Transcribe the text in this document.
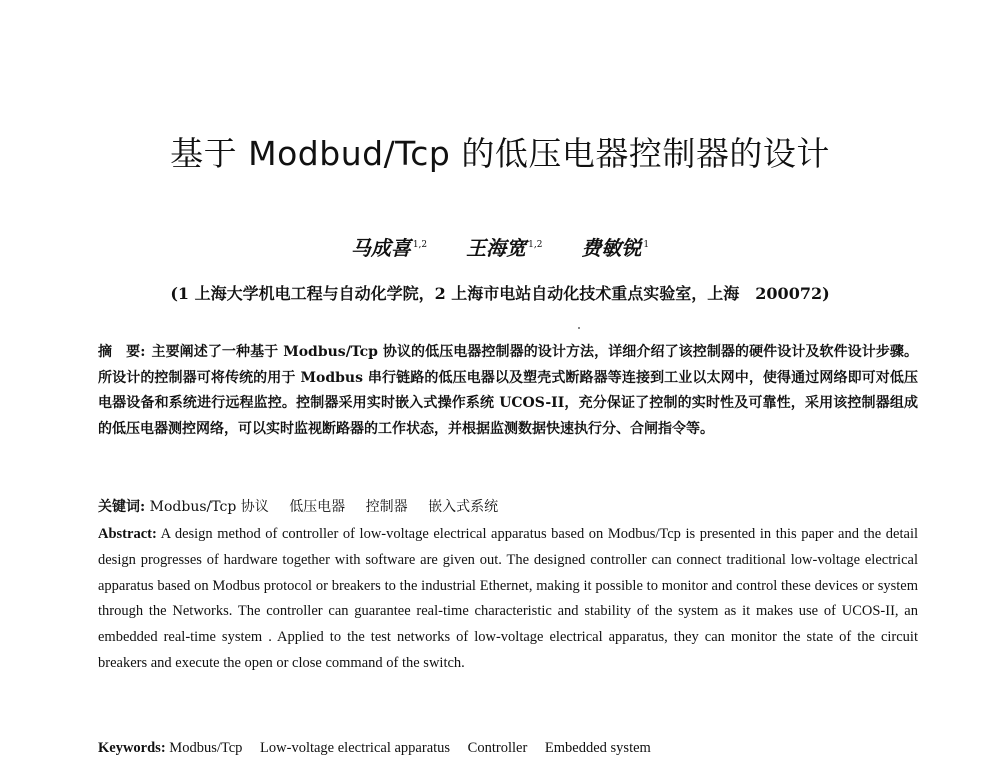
基于 Modbud/Tcp 的低压电器控制器的设计
马成喜 $^{1,2}$ 王海宽 $^{1,2}$ 费敏锐 $^1$
(1 上海大学机电工程与自动化学院，2 上海市电站自动化技术重点实验室，上海　200072)
摘　要: 主要阐述了一种基于 Modbus/Tcp 协议的低压电器控制器的设计方法，详细介绍了该控制器的硬件设计及软件设计步骤。所设计的控制器可将传统的用于 Modbus 串行链路的低压电器以及塑壳式断路器等连接到工业以太网中，使得通过网络即可对低压电器设备和系统进行远程监控。控制器采用实时嵌入式操作系统 UCOS-II，充分保证了控制的实时性及可靠性，采用该控制器组成的低压电器测控网络，可以实时监视断路器的工作状态，并根据监测数据快速执行分、合闸指令等。
关键词: Modbus/Tcp 协议 低压电器 控制器 嵌入式系统
Abstract: A design method of controller of low-voltage electrical apparatus based on Modbus/Tcp is presented in this paper and the detail design progresses of hardware together with software are given out. The designed controller can connect traditional low-voltage electrical apparatus based on Modbus protocol or breakers to the industrial Ethernet, making it possible to monitor and control these devices or system through the Networks. The controller can guarantee real-time characteristic and stability of the system as it makes use of UCOS-II, an embedded real-time system . Applied to the test networks of low-voltage electrical apparatus, they can monitor the state of the circuit breakers and execute the open or close command of the switch.
Keywords: Modbus/Tcp Low-voltage electrical apparatus Controller Embedded system
